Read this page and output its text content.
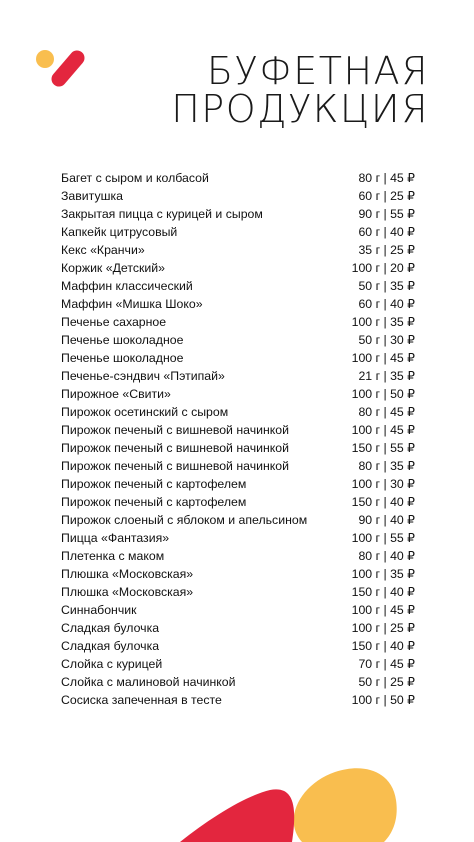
БУФЕТНАЯ
ПРОДУКЦИЯ
Багет с сыром и колбасой	80 г | 45 ₽
Завитушка	60 г | 25 ₽
Закрытая пицца с курицей и сыром	90 г | 55 ₽
Капкейк цитрусовый	60 г | 40 ₽
Кекс «Кранчи»	35 г | 25 ₽
Коржик «Детский»	100 г | 20 ₽
Маффин классический	50 г | 35 ₽
Маффин «Мишка Шоко»	60 г | 40 ₽
Печенье сахарное	100 г | 35 ₽
Печенье шоколадное	50 г | 30 ₽
Печенье шоколадное	100 г | 45 ₽
Печенье-сэндвич «Пэтипай»	21 г | 35 ₽
Пирожное «Свити»	100 г | 50 ₽
Пирожок осетинский с сыром	80 г | 45 ₽
Пирожок печеный с вишневой начинкой	100 г | 45 ₽
Пирожок печеный с вишневой начинкой	150 г | 55 ₽
Пирожок печеный с вишневой начинкой	80 г | 35 ₽
Пирожок печеный с картофелем	100 г | 30 ₽
Пирожок печеный с картофелем	150 г | 40 ₽
Пирожок слоеный с яблоком и апельсином	90 г | 40 ₽
Пицца «Фантазия»	100 г | 55 ₽
Плетенка с маком	80 г | 40 ₽
Плюшка «Московская»	100 г | 35 ₽
Плюшка «Московская»	150 г | 40 ₽
Синнабончик	100 г | 45 ₽
Сладкая булочка	100 г | 25 ₽
Сладкая булочка	150 г | 40 ₽
Слойка с курицей	70 г | 45 ₽
Слойка с малиновой начинкой	50 г | 25 ₽
Сосиска запеченная в тесте	100 г | 50 ₽
